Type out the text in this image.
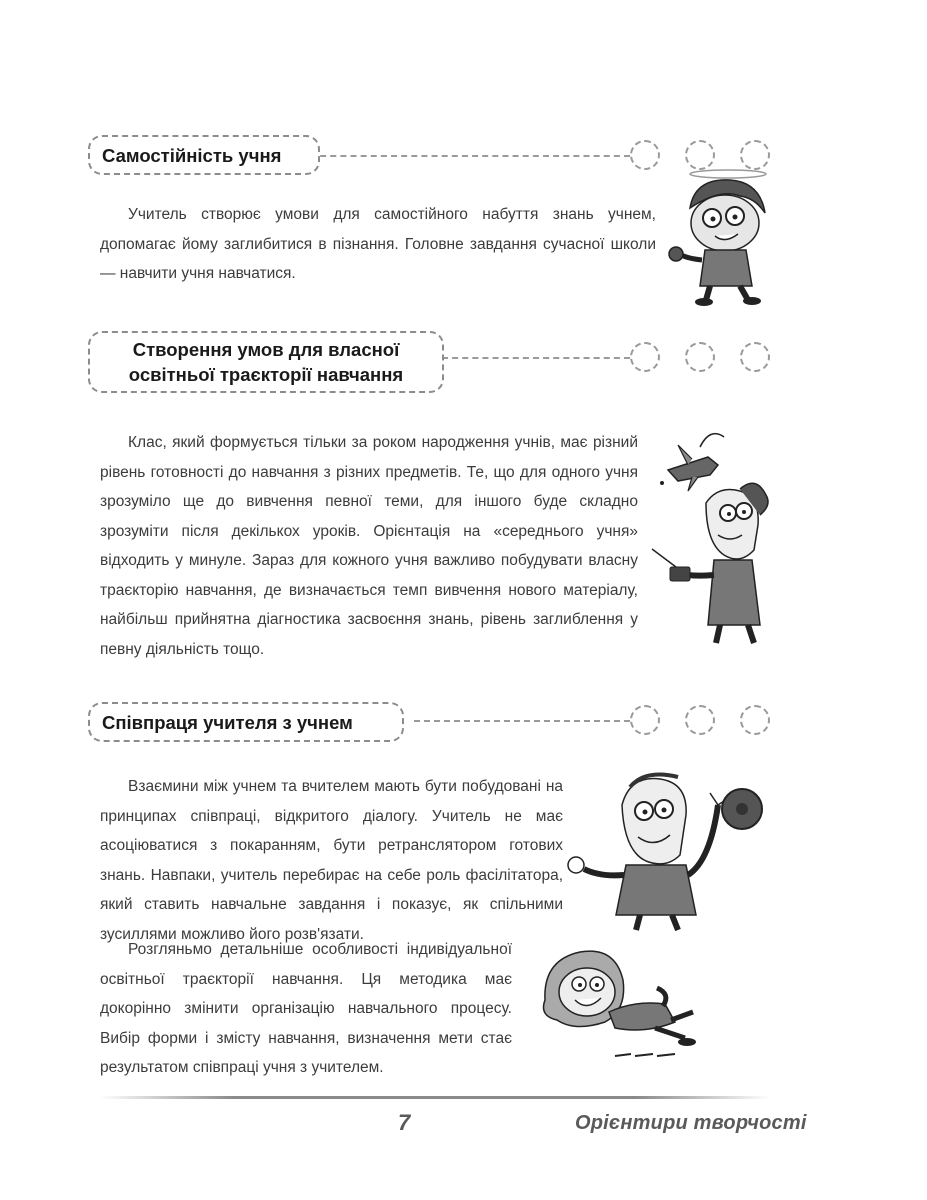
Самостійність учня

Учитель створює умови для самостійного набуття знань учнем, допомагає йому заглибитися в пізнання. Головне завдання сучасної школи — навчити учня навчатися.

Створення умов для власної
освітньої траєкторії навчання

Клас, який формується тільки за роком народження учнів, має різний рівень готовності до навчання з різних предметів. Те, що для одного учня зрозуміло ще до вивчення певної теми, для іншого буде складно зрозуміти після декількох уроків. Орієнтація на «середнього учня» відходить у минуле. Зараз для кожного учня важливо побудувати власну траєкторію навчання, де визначається темп вивчення нового матеріалу, найбільш прийнятна діагностика засвоєння знань, рівень заглиблення у певну діяльність тощо.

Співпраця учителя з учнем

Взаємини між учнем та вчителем мають бути побудовані на принципах співпраці, відкритого діалогу. Учитель не має асоціюватися з покаранням, бути ретранслятором готових знань. Навпаки, учитель перебирає на себе роль фасілітатора, який ставить навчальне завдання і показує, як спільними зусиллями можливо його розв'язати.

Розгляньмо детальніше особливості індивідуальної освітньої траєкторії навчання. Ця методика має докорінно змінити організацію навчального процесу. Вибір форми і змісту навчання, визначення мети стає результатом співпраці учня з учителем.

7	Орієнтири творчості
